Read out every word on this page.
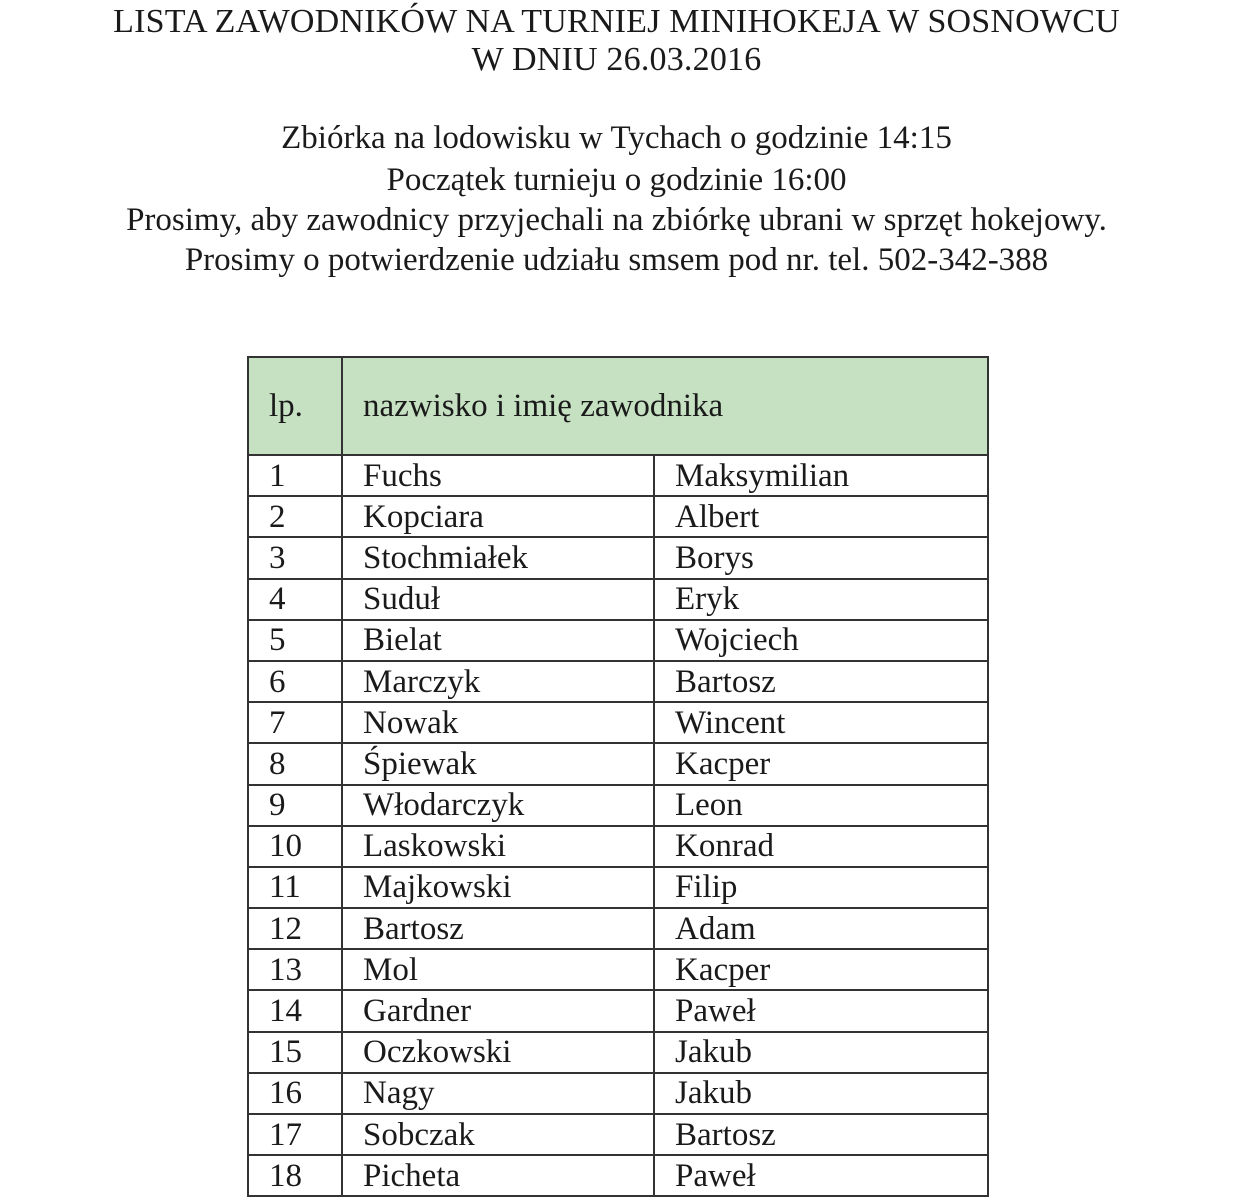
LISTA ZAWODNIKÓW NA TURNIEJ MINIHOKEJA W SOSNOWCU
W DNIU 26.03.2016
Zbiórka na lodowisku w Tychach o godzinie 14:15
Początek turnieju o godzinie 16:00
Prosimy, aby zawodnicy przyjechali na zbiórkę ubrani w sprzęt hokejowy.
Prosimy o potwierdzenie udziału smsem pod nr. tel. 502-342-388
lp.	nazwisko i imię zawodnika	
1	Fuchs	Maksymilian
2	Kopciara	Albert
3	Stochmiałek	Borys
4	Suduł	Eryk
5	Bielat	Wojciech
6	Marczyk	Bartosz
7	Nowak	Wincent
8	Śpiewak	Kacper
9	Włodarczyk	Leon
10	Laskowski	Konrad
11	Majkowski	Filip
12	Bartosz	Adam
13	Mol	Kacper
14	Gardner	Paweł
15	Oczkowski	Jakub
16	Nagy	Jakub
17	Sobczak	Bartosz
18	Picheta	Paweł
